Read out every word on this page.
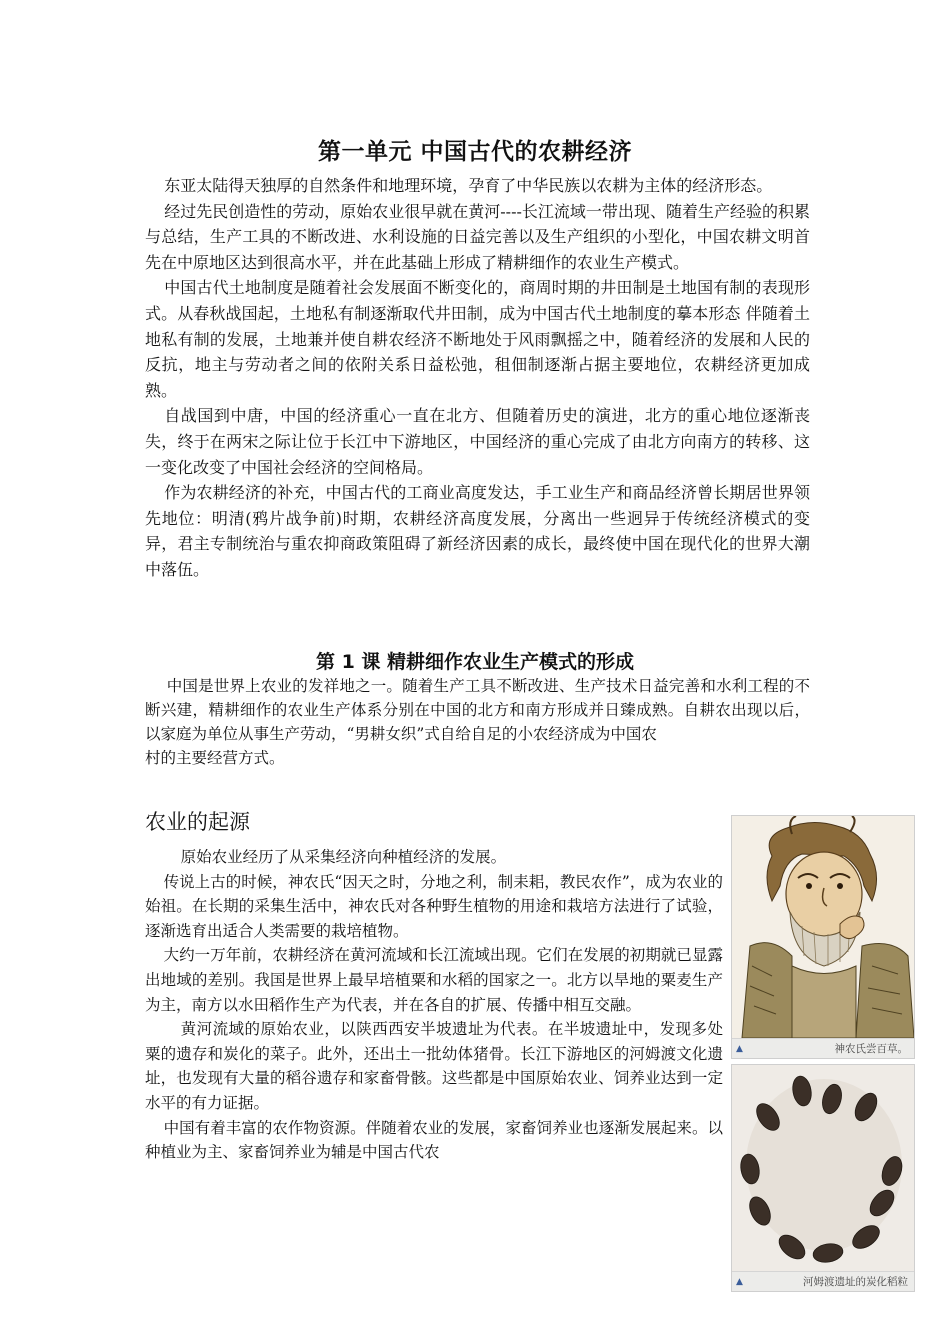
第一单元 中国古代的农耕经济

东亚太陆得天独厚的自然条件和地理环境，孕育了中华民族以农耕为主体的经济形态。

经过先民创造性的劳动，原始农业很早就在黄河----长江流域一带出现、随着生产经验的积累与总结，生产工具的不断改进、水利设施的日益完善以及生产组织的小型化，中国农耕文明首先在中原地区达到很高水平，并在此基础上形成了精耕细作的农业生产模式。

中国古代土地制度是随着社会发展面不断变化的，商周时期的井田制是土地国有制的表现形式。从春秋战国起，土地私有制逐渐取代井田制，成为中国古代土地制度的摹本形态 伴随着土地私有制的发展，土地兼并使自耕农经济不断地处于风雨飘摇之中，随着经济的发展和人民的反抗，地主与劳动者之间的依附关系日益松弛，租佃制逐渐占据主要地位，农耕经济更加成熟。

自战国到中唐，中国的经济重心一直在北方、但随着历史的演进，北方的重心地位逐渐丧失，终于在两宋之际让位于长江中下游地区，中国经济的重心完成了由北方向南方的转移、这一变化改变了中国社会经济的空间格局。

作为农耕经济的补充，中国古代的工商业高度发达，手工业生产和商品经济曾长期居世界领先地位：明清(鸦片战争前)时期，农耕经济高度发展，分离出一些迥异于传统经济模式的变异，君主专制统治与重农抑商政策阻碍了新经济因素的成长，最终使中国在现代化的世界大潮中落伍。

第 1 课 精耕细作农业生产模式的形成

中国是世界上农业的发祥地之一。随着生产工具不断改进、生产技术日益完善和水利工程的不断兴建，精耕细作的农业生产体系分别在中国的北方和南方形成并日臻成熟。自耕农出现以后，以家庭为单位从事生产劳动，“男耕女织”式自给自足的小农经济成为中国农

村的主要经营方式。

农业的起源

原始农业经历了从采集经济向种植经济的发展。

传说上古的时候，神农氏“因天之时，分地之利，制耒耜，教民农作”，成为农业的始祖。在长期的采集生活中，神农氏对各种野生植物的用途和栽培方法进行了试验，逐渐选育出适合人类需要的栽培植物。

大约一万年前，农耕经济在黄河流域和长江流域出现。它们在发展的初期就已显露出地域的差别。我国是世界上最早培植粟和水稻的国家之一。北方以旱地的粟麦生产为主，南方以水田稻作生产为代表，并在各自的扩展、传播中相互交融。

黄河流域的原始农业，以陕西西安半坡遗址为代表。在半坡遗址中，发现多处粟的遗存和炭化的菜子。此外，还出土一批幼体猪骨。长江下游地区的河姆渡文化遗址，也发现有大量的稻谷遗存和家畜骨骸。这些都是中国原始农业、饲养业达到一定水平的有力证据。

中国有着丰富的农作物资源。伴随着农业的发展，家畜饲养业也逐渐发展起来。以种植业为主、家畜饲养业为辅是中国古代农

▲	神农氏尝百草。
▲	河姆渡遗址的炭化稻粒
